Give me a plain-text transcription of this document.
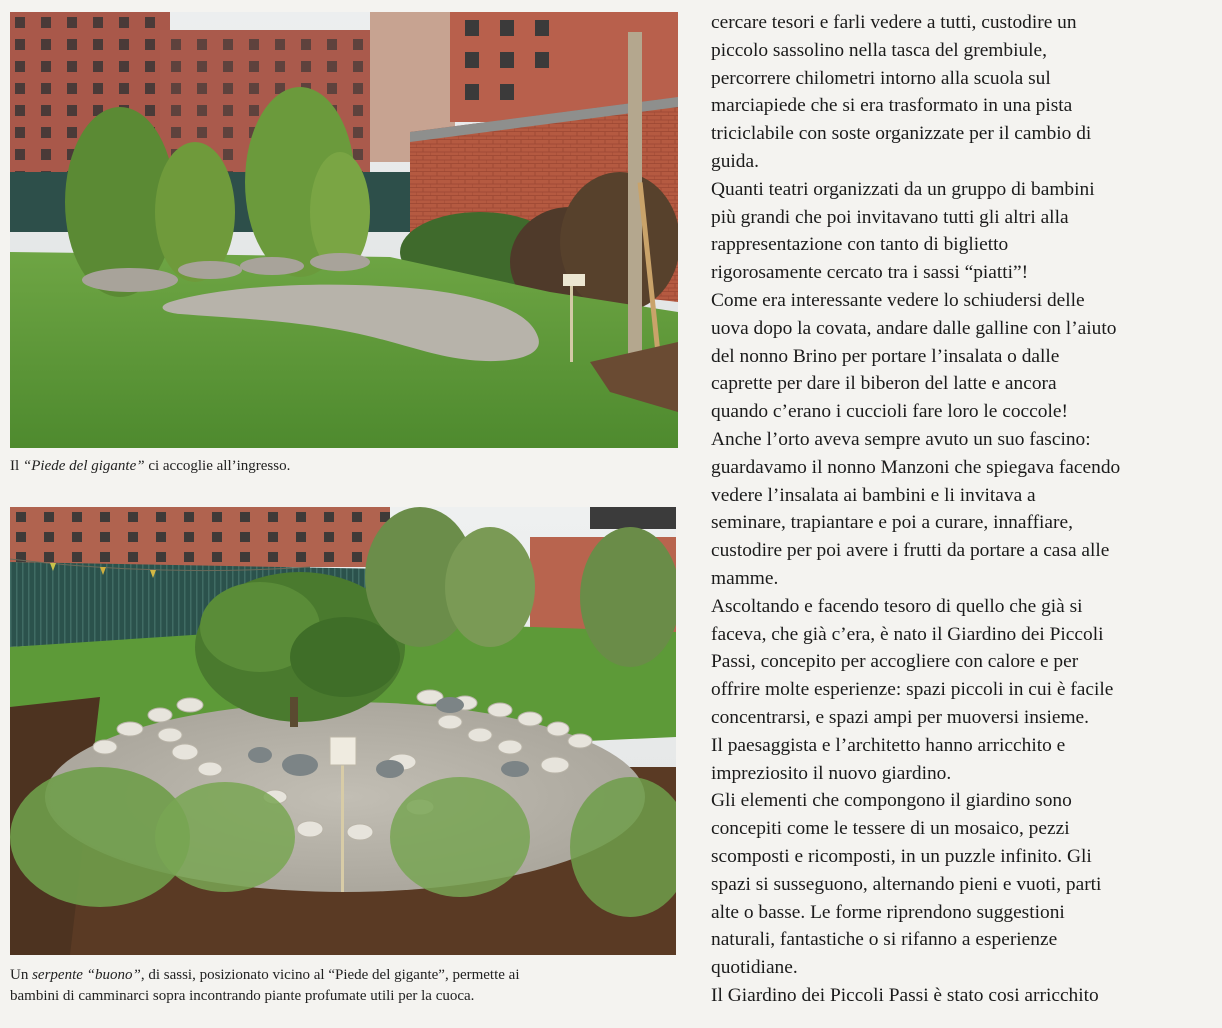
Il “Piede del gigante” ci accoglie all’ingresso.
Un serpente “buono”, di sassi, posizionato vicino al “Piede del gigante”, permette ai
bambini di camminarci sopra incontrando piante profumate utili per la cuoca.
cercare tesori e farli vedere a tutti, custodire un
piccolo sassolino nella tasca del grembiule,
percorrere chilometri intorno alla scuola sul
marciapiede che si era trasformato in una pista
triciclabile con soste organizzate per il cambio di
guida.
Quanti teatri organizzati da un gruppo di bambini
più grandi che poi invitavano tutti gli altri alla
rappresentazione con tanto di biglietto
rigorosamente cercato tra i sassi “piatti”!
Come era interessante vedere lo schiudersi delle
uova dopo la covata, andare dalle galline con l’aiuto
del nonno Brino per portare l’insalata o dalle
caprette per dare il biberon del latte e ancora
quando c’erano i cuccioli fare loro le coccole!
Anche l’orto aveva sempre avuto un suo fascino:
guardavamo il nonno Manzoni che spiegava facendo
vedere l’insalata ai bambini e li invitava a
seminare, trapiantare e poi a curare, innaffiare,
custodire per poi avere i frutti da portare a casa alle
mamme.
Ascoltando e facendo tesoro di quello che già si
faceva, che già c’era, è nato il Giardino dei Piccoli
Passi, concepito per accogliere con calore e per
offrire molte esperienze: spazi piccoli in cui è facile
concentrarsi, e spazi ampi per muoversi insieme.
Il paesaggista e l’architetto hanno arricchito e
impreziosito il nuovo giardino.
Gli elementi che compongono il giardino sono
concepiti come le tessere di un mosaico, pezzi
scomposti e ricomposti, in un puzzle infinito. Gli
spazi si susseguono, alternando pieni e vuoti, parti
alte o basse. Le forme riprendono suggestioni
naturali, fantastiche o si rifanno a esperienze
quotidiane.
Il Giardino dei Piccoli Passi è stato cosi arricchito
